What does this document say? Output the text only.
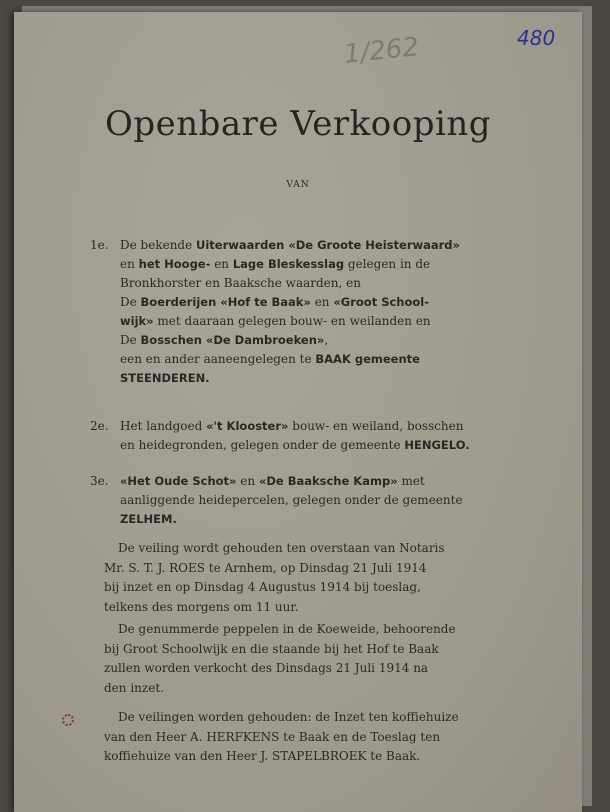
1/262	480
Openbare Verkooping
VAN
1e. De bekende Uiterwaarden «De Groote Heisterwaard»
en het Hooge- en Lage Bleskesslag gelegen in de
Bronkhorster en Baaksche waarden, en
De Boerderijen «Hof te Baak» en «Groot School-
wijk» met daaraan gelegen bouw- en weilanden en
De Bosschen «De Dambroeken»,
een en ander aaneengelegen te BAAK gemeente
STEENDEREN.
2e. Het landgoed «'t Klooster» bouw- en weiland, bosschen
en heidegronden, gelegen onder de gemeente HENGELO.
3e. «Het Oude Schot» en «De Baaksche Kamp» met
aanliggende heidepercelen, gelegen onder de gemeente
ZELHEM.
De veiling wordt gehouden ten overstaan van Notaris
Mr. S. T. J. ROES te Arnhem, op Dinsdag 21 Juli 1914
bij inzet en op Dinsdag 4 Augustus 1914 bij toeslag,
telkens des morgens om 11 uur.
De genummerde peppelen in de Koeweide, behoorende
bij Groot Schoolwijk en die staande bij het Hof te Baak
zullen worden verkocht des Dinsdags 21 Juli 1914 na
den inzet.
De veilingen worden gehouden: de Inzet ten koffiehuize
van den Heer A. HERFKENS te Baak en de Toeslag ten
koffiehuize van den Heer J. STAPELBROEK te Baak.
